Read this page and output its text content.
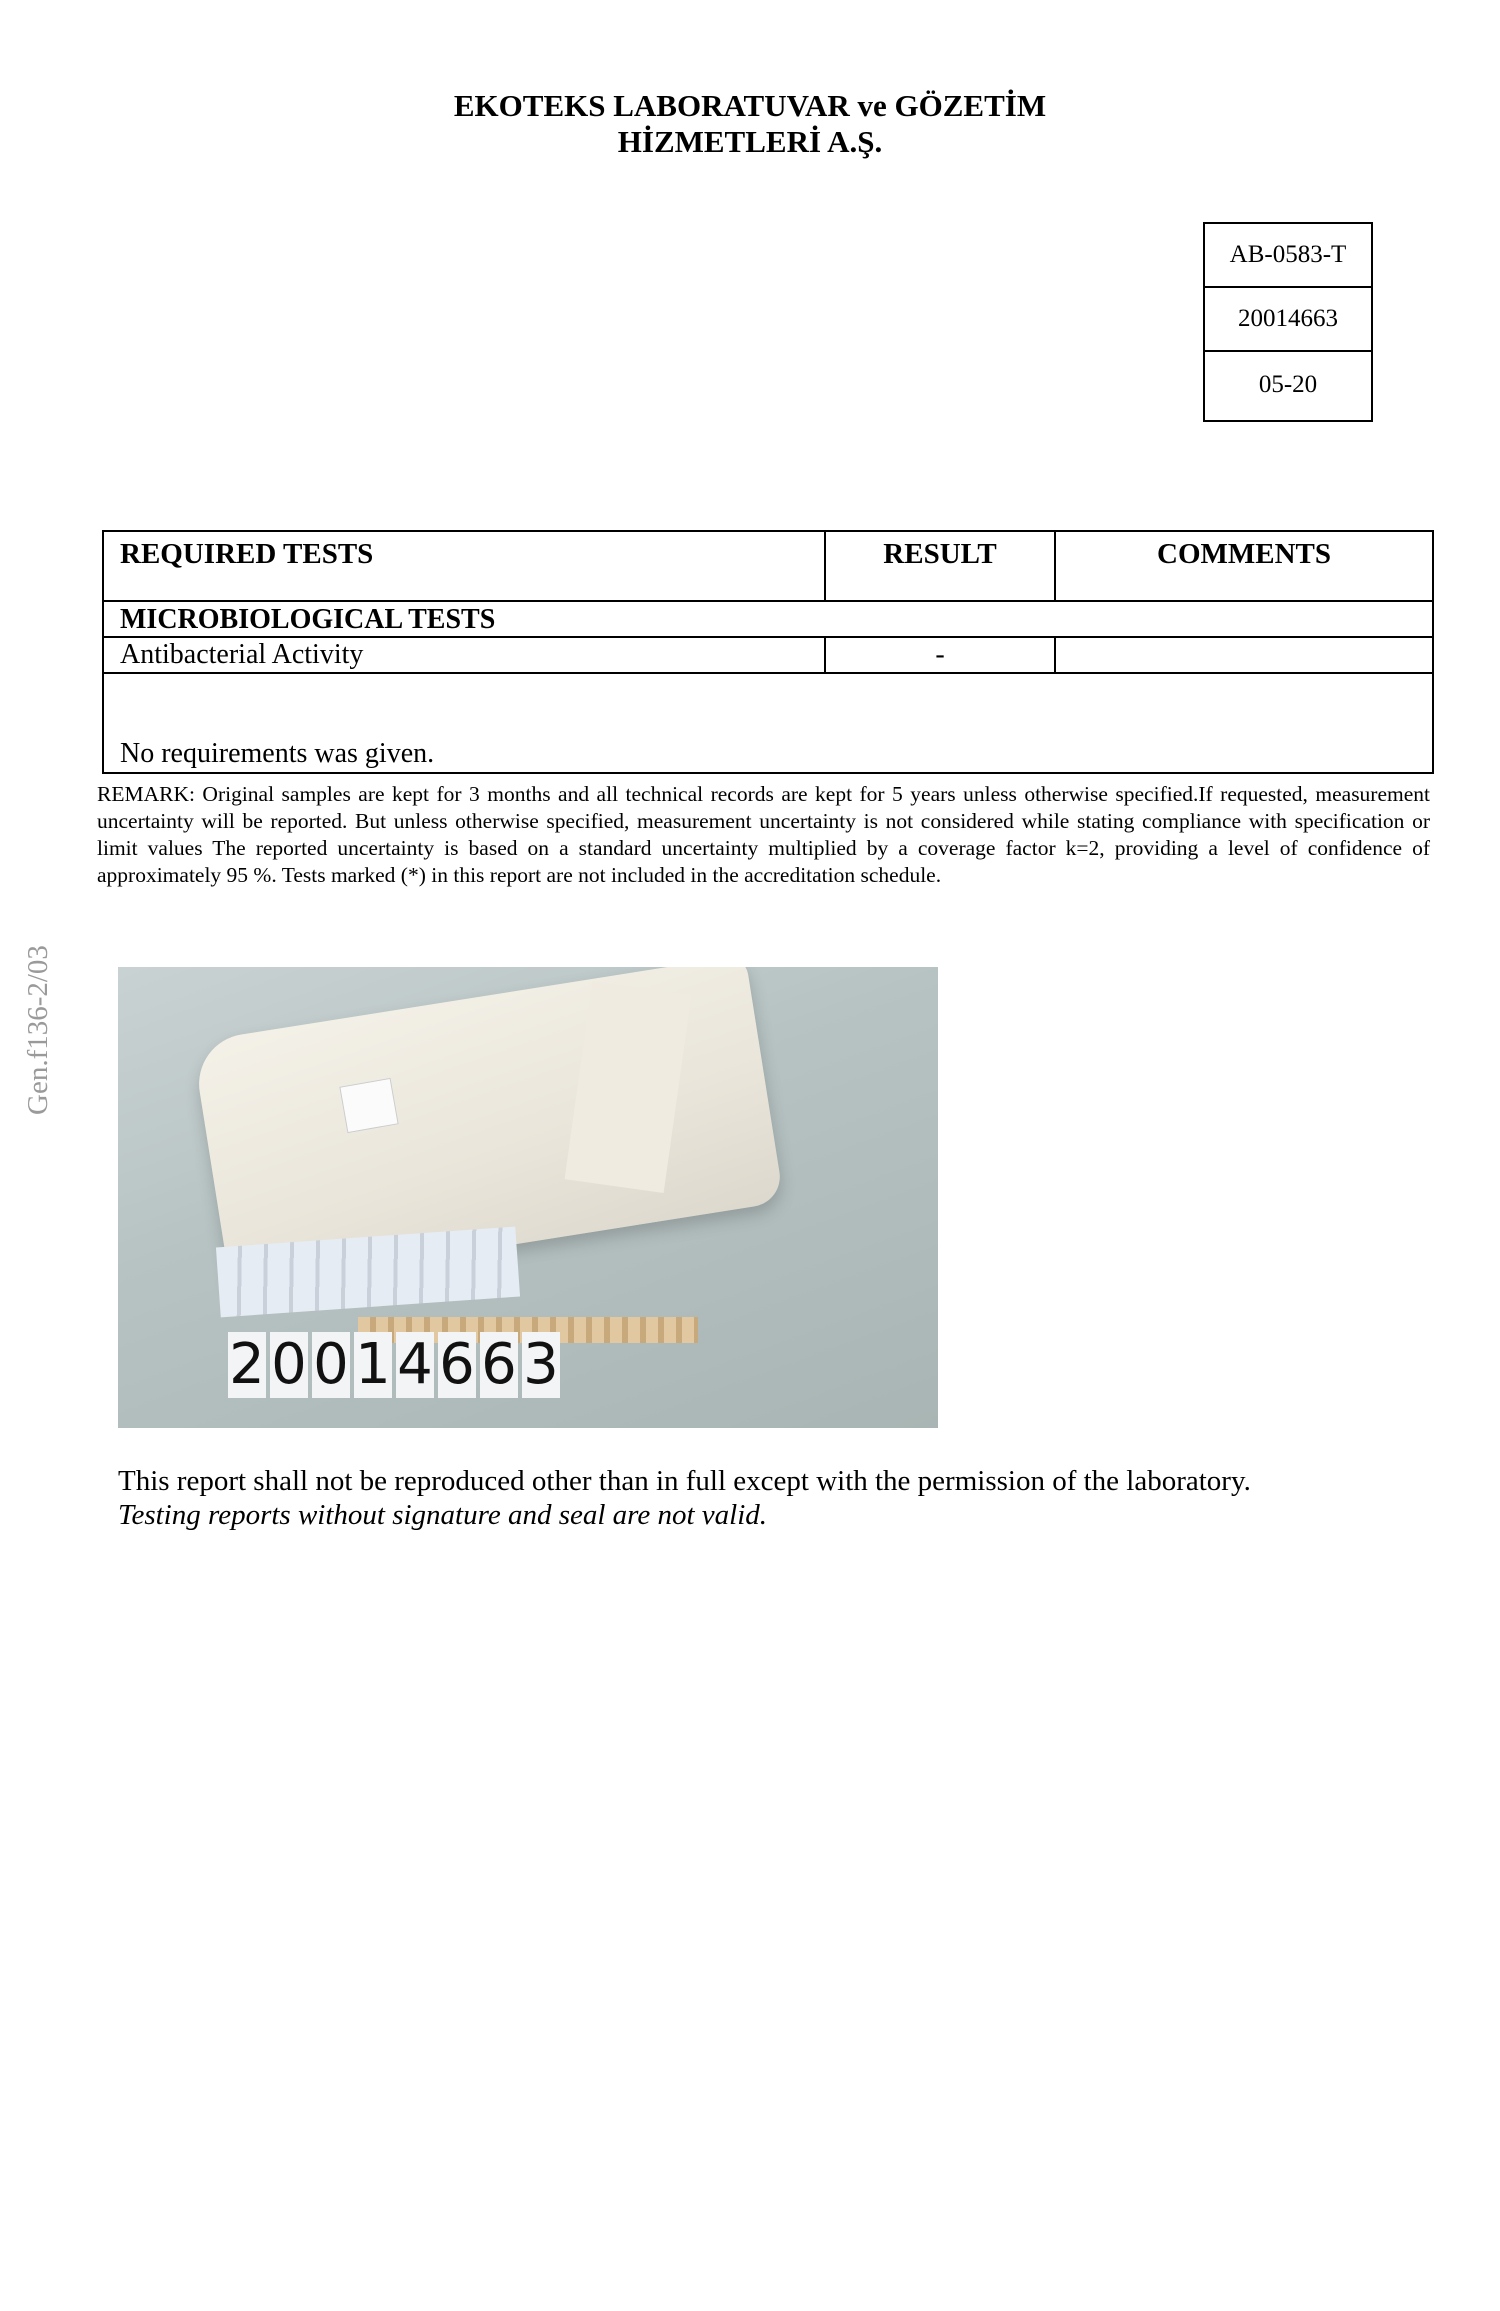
EKOTEKS LABORATUVAR ve GÖZETİM
HİZMETLERİ A.Ş.
AB-0583-T
20014663
05-20
Gen.f136-2/03
REQUIRED TESTS	RESULT	COMMENTS
MICROBIOLOGICAL TESTS
Antibacterial Activity	-
No requirements was given.
REMARK: Original samples are kept for 3 months and all technical records are kept for 5 years unless otherwise specified.If requested, measurement uncertainty will be reported. But unless otherwise specified, measurement uncertainty is not considered while stating compliance with specification or limit values The reported uncertainty is based on a standard uncertainty multiplied by a coverage factor k=2, providing a level of confidence of approximately 95 %. Tests marked (*) in this report are not included in the accreditation schedule.
2 0 0 1 4 6 6 3
This report shall not be reproduced other than in full except with the permission of the laboratory.
Testing reports without signature and seal are not valid.
